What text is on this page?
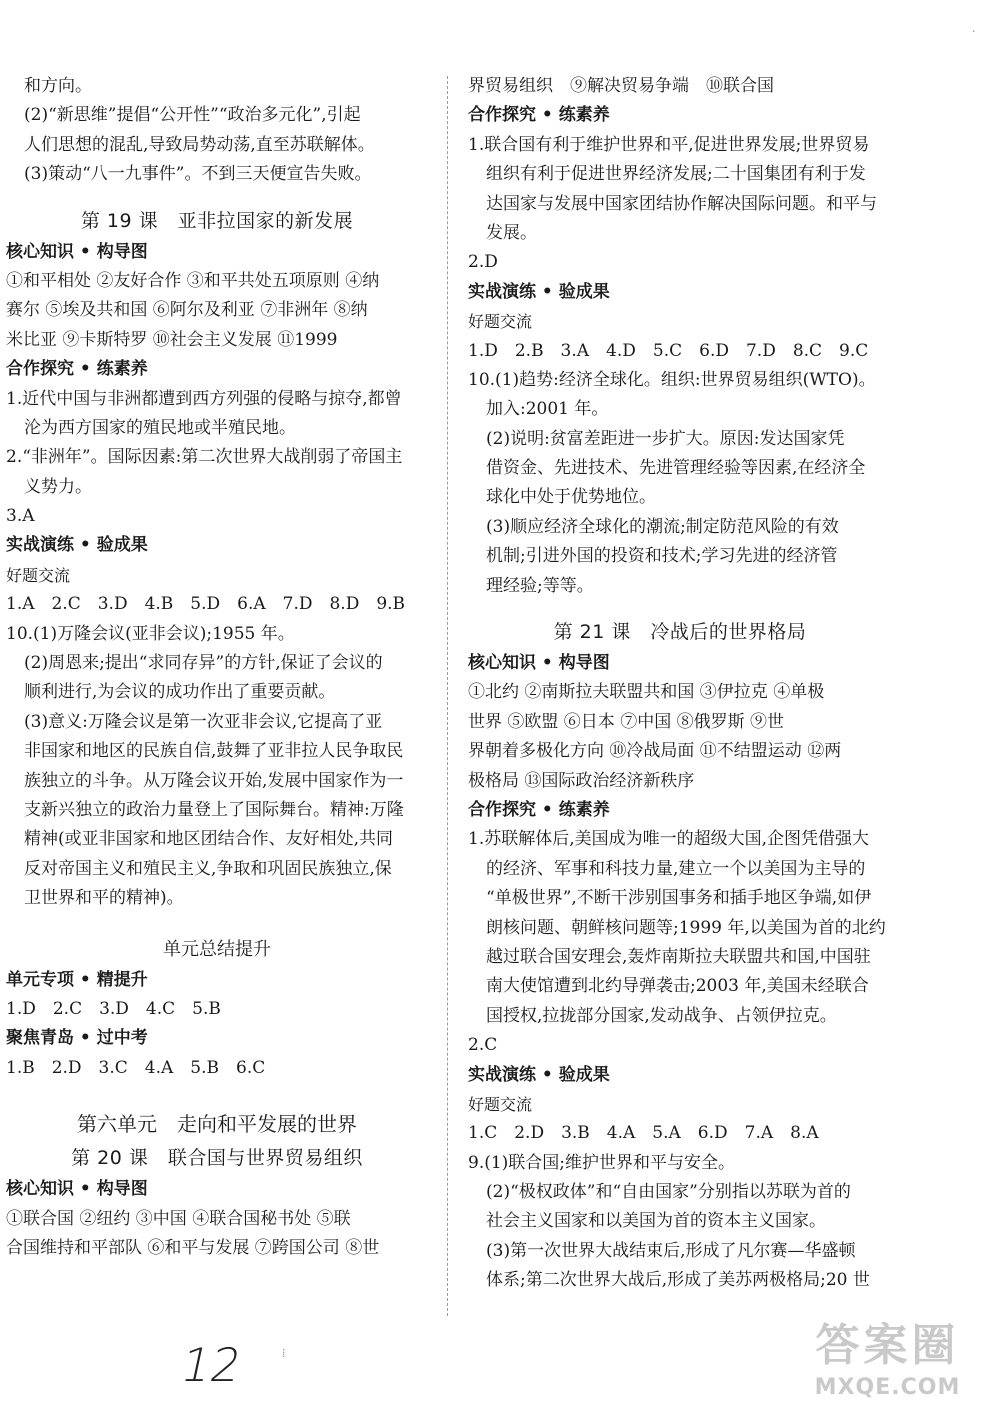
·
和方向。
(2)“新思维”提倡“公开性”“政治多元化”,引起
人们思想的混乱,导致局势动荡,直至苏联解体。
(3)策动“八一九事件”。不到三天便宣告失败。
第 19 课　亚非拉国家的新发展
核心知识 • 构导图
①和平相处 ②友好合作 ③和平共处五项原则 ④纳
赛尔 ⑤埃及共和国 ⑥阿尔及利亚 ⑦非洲年 ⑧纳
米比亚 ⑨卡斯特罗 ⑩社会主义发展 ⑪1999
合作探究 • 练素养
1.近代中国与非洲都遭到西方列强的侵略与掠夺,都曾
沦为西方国家的殖民地或半殖民地。
2.“非洲年”。国际因素:第二次世界大战削弱了帝国主
义势力。
3.A
实战演练 • 验成果
好题交流
1.A　2.C　3.D　4.B　5.D　6.A　7.D　8.D　9.B
10.(1)万隆会议(亚非会议);1955 年。
(2)周恩来;提出“求同存异”的方针,保证了会议的
顺利进行,为会议的成功作出了重要贡献。
(3)意义:万隆会议是第一次亚非会议,它提高了亚
非国家和地区的民族自信,鼓舞了亚非拉人民争取民
族独立的斗争。从万隆会议开始,发展中国家作为一
支新兴独立的政治力量登上了国际舞台。精神:万隆
精神(或亚非国家和地区团结合作、友好相处,共同
反对帝国主义和殖民主义,争取和巩固民族独立,保
卫世界和平的精神)。
单元总结提升
单元专项 • 精提升
1.D　2.C　3.D　4.C　5.B
聚焦青岛 • 过中考
1.B　2.D　3.C　4.A　5.B　6.C
第六单元　走向和平发展的世界
第 20 课　联合国与世界贸易组织
核心知识 • 构导图
①联合国 ②纽约 ③中国 ④联合国秘书处 ⑤联
合国维持和平部队 ⑥和平与发展 ⑦跨国公司 ⑧世
界贸易组织　⑨解决贸易争端　⑩联合国
合作探究 • 练素养
1.联合国有利于维护世界和平,促进世界发展;世界贸易
组织有利于促进世界经济发展;二十国集团有利于发
达国家与发展中国家团结协作解决国际问题。和平与
发展。
2.D
实战演练 • 验成果
好题交流
1.D　2.B　3.A　4.D　5.C　6.D　7.D　8.C　9.C
10.(1)趋势:经济全球化。组织:世界贸易组织(WTO)。
加入:2001 年。
(2)说明:贫富差距进一步扩大。原因:发达国家凭
借资金、先进技术、先进管理经验等因素,在经济全
球化中处于优势地位。
(3)顺应经济全球化的潮流;制定防范风险的有效
机制;引进外国的投资和技术;学习先进的经济管
理经验;等等。
第 21 课　冷战后的世界格局
核心知识 • 构导图
①北约 ②南斯拉夫联盟共和国 ③伊拉克 ④单极
世界 ⑤欧盟 ⑥日本 ⑦中国 ⑧俄罗斯 ⑨世
界朝着多极化方向 ⑩冷战局面 ⑪不结盟运动 ⑫两
极格局 ⑬国际政治经济新秩序
合作探究 • 练素养
1.苏联解体后,美国成为唯一的超级大国,企图凭借强大
的经济、军事和科技力量,建立一个以美国为主导的
“单极世界”,不断干涉别国事务和插手地区争端,如伊
朗核问题、朝鲜核问题等;1999 年,以美国为首的北约
越过联合国安理会,轰炸南斯拉夫联盟共和国,中国驻
南大使馆遭到北约导弹袭击;2003 年,美国未经联合
国授权,拉拢部分国家,发动战争、占领伊拉克。
2.C
实战演练 • 验成果
好题交流
1.C　2.D　3.B　4.A　5.A　6.D　7.A　8.A
9.(1)联合国;维护世界和平与安全。
(2)“极权政体”和“自由国家”分别指以苏联为首的
社会主义国家和以美国为首的资本主义国家。
(3)第一次世界大战结束后,形成了凡尔赛—华盛顿
体系;第二次世界大战后,形成了美苏两极格局;20 世
12	⁞	答案圈
MXQE.COM
